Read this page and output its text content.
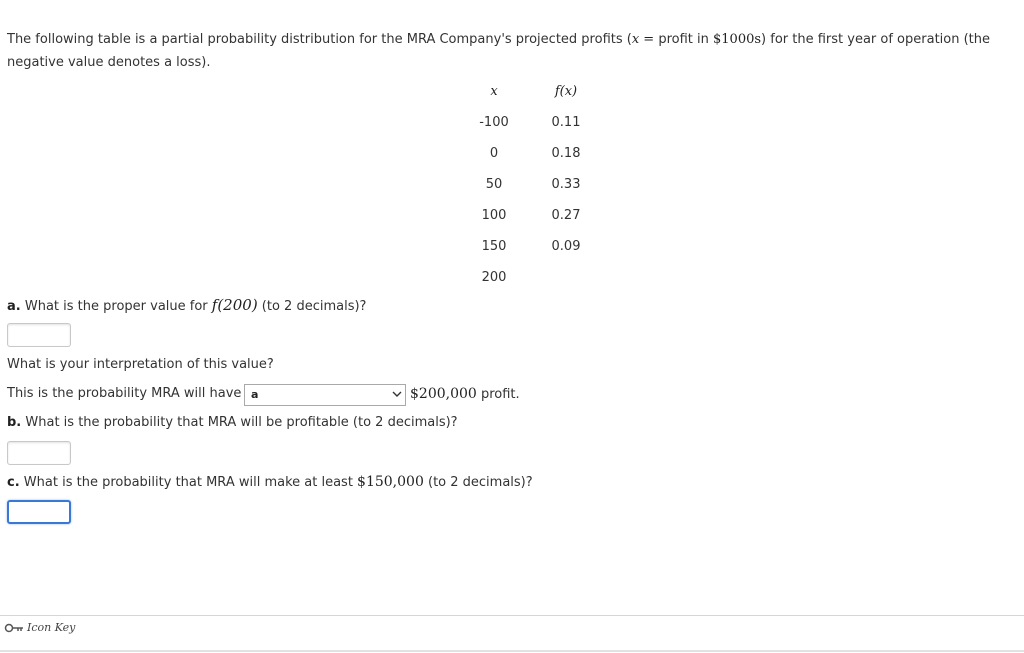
The following table is a partial probability distribution for the MRA Company's projected profits (x = profit in $1000s) for the first year of operation (the negative value denotes a loss).
x	f(x)
-100	0.11
0	0.18
50	0.33
100	0.27
150	0.09
200
a. What is the proper value for f(200) (to 2 decimals)?
What is your interpretation of this value?
This is the probability MRA will have a	$200,000 profit.
b. What is the probability that MRA will be profitable (to 2 decimals)?
c. What is the probability that MRA will make at least $150,000 (to 2 decimals)?
Icon Key
